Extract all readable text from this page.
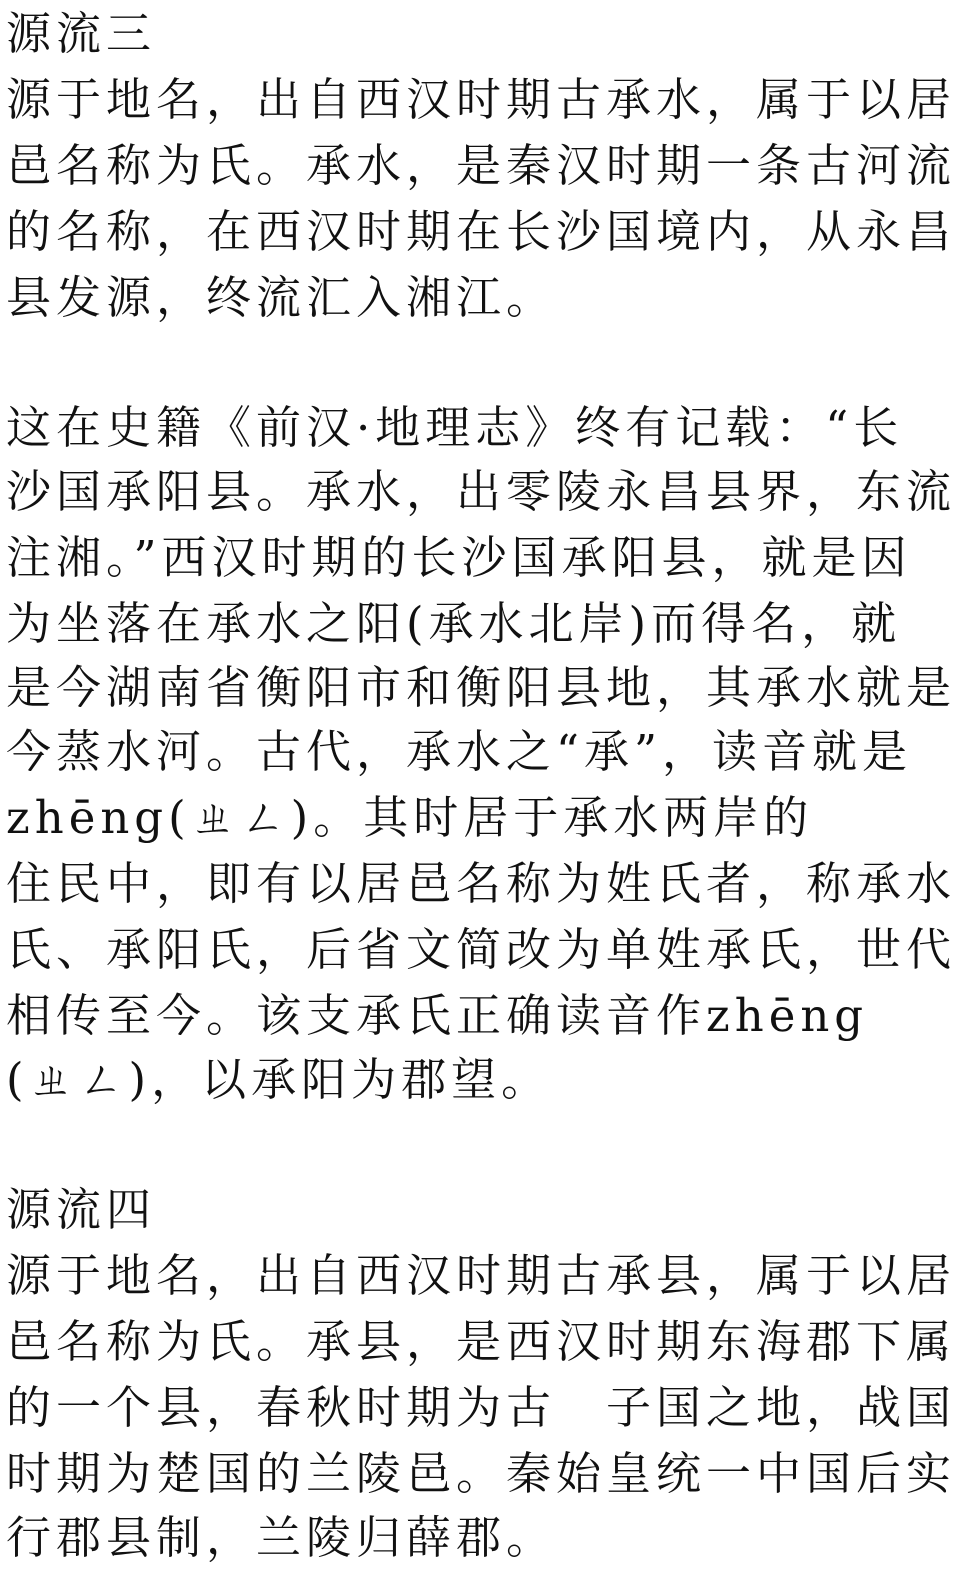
源流三
源于地名，出自西汉时期古承水，属于以居
邑名称为氏。承水，是秦汉时期一条古河流
的名称，在西汉时期在长沙国境内，从永昌
县发源，终流汇入湘江。
这在史籍《前汉·地理志》终有记载：“长
沙国承阳县。承水，出零陵永昌县界，东流
注湘。”西汉时期的长沙国承阳县，就是因
为坐落在承水之阳(承水北岸)而得名，就
是今湖南省衡阳市和衡阳县地，其承水就是
今蒸水河。古代，承水之“承”，读音就是
zhēng(ㄓㄥ)。其时居于承水两岸的
住民中，即有以居邑名称为姓氏者，称承水
氏、承阳氏，后省文简改为单姓承氏，世代
相传至今。该支承氏正确读音作zhēng
(ㄓㄥ)，以承阳为郡望。
源流四
源于地名，出自西汉时期古承县，属于以居
邑名称为氏。承县，是西汉时期东海郡下属
的一个县，春秋时期为古　子国之地，战国
时期为楚国的兰陵邑。秦始皇统一中国后实
行郡县制，兰陵归薛郡。
